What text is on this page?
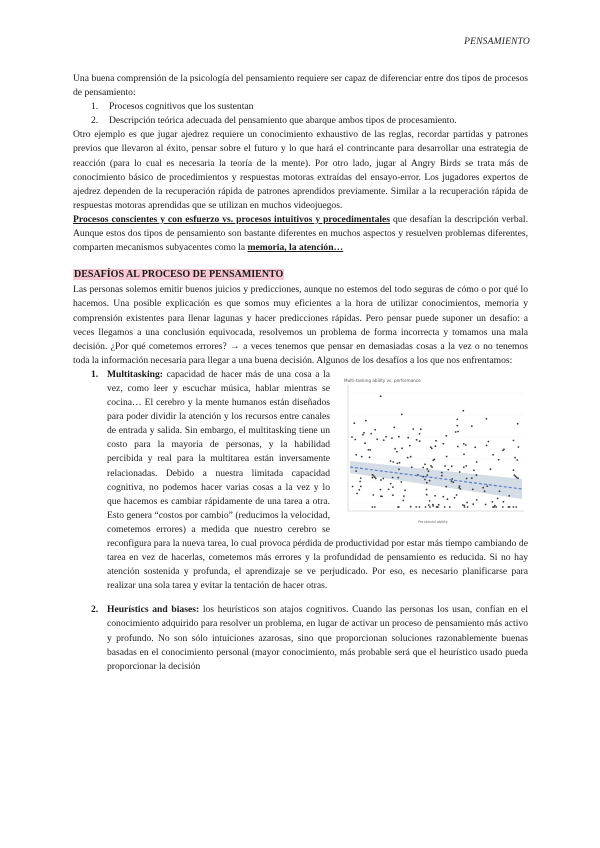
PENSAMIENTO

Una buena comprensión de la psicología del pensamiento requiere ser capaz de diferenciar entre dos tipos de procesos de pensamiento:

1. Procesos cognitivos que los sustentan
2. Descripción teórica adecuada del pensamiento que abarque ambos tipos de procesamiento.

Otro ejemplo es que jugar ajedrez requiere un conocimiento exhaustivo de las reglas, recordar partidas y patrones previos que llevaron al éxito, pensar sobre el futuro y lo que hará el contrincante para desarrollar una estrategia de reacción (para lo cual es necesaria la teoría de la mente). Por otro lado, jugar al Angry Birds se trata más de conocimiento básico de procedimientos y respuestas motoras extraídas del ensayo-error. Los jugadores expertos de ajedrez dependen de la recuperación rápida de patrones aprendidos previamente. Similar a la recuperación rápida de respuestas motoras aprendidas que se utilizan en muchos videojuegos.

Procesos conscientes y con esfuerzo vs. procesos intuitivos y procedimentales que desafían la descripción verbal. Aunque estos dos tipos de pensamiento son bastante diferentes en muchos aspectos y resuelven problemas diferentes, comparten mecanismos subyacentes como la memoria, la atención…

DESAFÍOS AL PROCESO DE PENSAMIENTO

Las personas solemos emitir buenos juicios y predicciones, aunque no estemos del todo seguras de cómo o por qué lo hacemos. Una posible explicación es que somos muy eficientes a la hora de utilizar conocimientos, memoria y comprensión existentes para llenar lagunas y hacer predicciones rápidas. Pero pensar puede suponer un desafío: a veces llegamos a una conclusión equivocada, resolvemos un problema de forma incorrecta y tomamos una mala decisión. ¿Por qué cometemos errores? → a veces tenemos que pensar en demasiadas cosas a la vez o no tenemos toda la información necesaria para llegar a una buena decisión. Algunos de los desafíos a los que nos enfrentamos:

1.
Multi-tasking ability vs. performance
Perceived ability
Multitasking: capacidad de hacer más de una cosa a la vez, como leer y escuchar música, hablar mientras se cocina… El cerebro y la mente humanos están diseñados para poder dividir la atención y los recursos entre canales de entrada y salida. Sin embargo, el multitasking tiene un costo para la mayoría de personas, y la habilidad percibida y real para la multitarea están inversamente relacionadas. Debido a nuestra limitada capacidad cognitiva, no podemos hacer varias cosas a la vez y lo que hacemos es cambiar rápidamente de una tarea a otra. Esto genera “costos por cambio” (reducimos la velocidad, cometemos errores) a medida que nuestro cerebro se reconfigura para la nueva tarea, lo cual provoca pérdida de productividad por estar más tiempo cambiando de tarea en vez de hacerlas, cometemos más errores y la profundidad de pensamiento es reducida. Si no hay atención sostenida y profunda, el aprendizaje se ve perjudicado. Por eso, es necesario planificarse para realizar una sola tarea y evitar la tentación de hacer otras.
2. Heurístics and biases: los heurísticos son atajos cognitivos. Cuando las personas los usan, confían en el conocimiento adquirido para resolver un problema, en lugar de activar un proceso de pensamiento más activo y profundo. No son sólo intuiciones azarosas, sino que proporcionan soluciones razonablemente buenas basadas en el conocimiento personal (mayor conocimiento, más probable será que el heurístico usado pueda proporcionar la decisión
